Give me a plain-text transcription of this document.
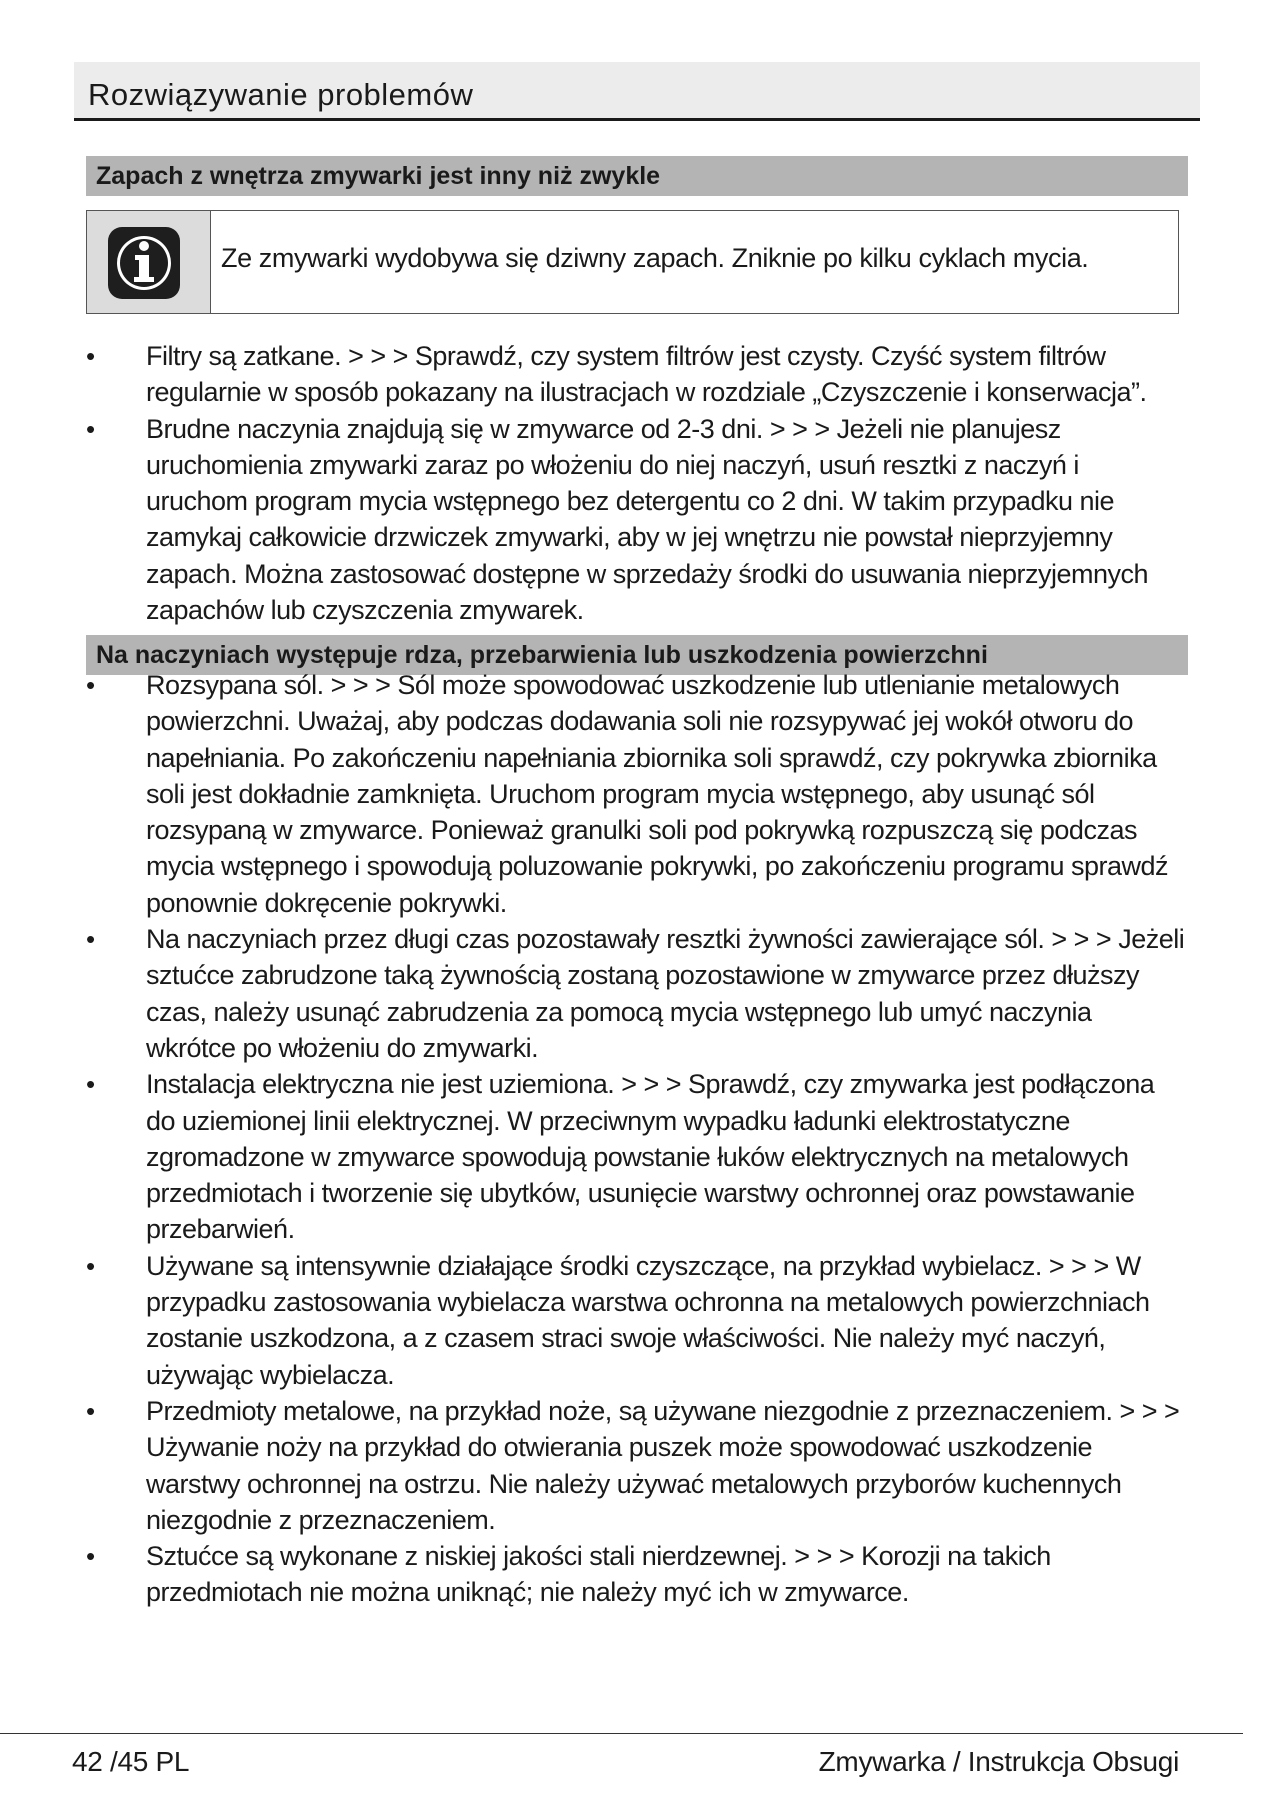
Rozwiązywanie problemów
Zapach z wnętrza zmywarki jest inny niż zwykle
Ze zmywarki wydobywa się dziwny zapach. Zniknie po kilku cyklach mycia.
•	Filtry są zatkane. > > > Sprawdź, czy system filtrów jest czysty. Czyść system filtrów regularnie w sposób pokazany na ilustracjach w rozdziale „Czyszczenie i konserwacja”.
•	Brudne naczynia znajdują się w zmywarce od 2-3 dni. > > > Jeżeli nie planujesz uruchomienia zmywarki zaraz po włożeniu do niej naczyń, usuń resztki z naczyń i uruchom program mycia wstępnego bez detergentu co 2 dni. W takim przypadku nie zamykaj całkowicie drzwiczek zmywarki, aby w jej wnętrzu nie powstał nieprzyjemny zapach. Można zastosować dostępne w sprzedaży środki do usuwania nieprzyjemnych zapachów lub czyszczenia zmywarek.
Na naczyniach występuje rdza, przebarwienia lub uszkodzenia powierzchni
•	Rozsypana sól. > > > Sól może spowodować uszkodzenie lub utlenianie metalowych powierzchni. Uważaj, aby podczas dodawania soli nie rozsypywać jej wokół otworu do napełniania. Po zakończeniu napełniania zbiornika soli sprawdź, czy pokrywka zbiornika soli jest dokładnie zamknięta. Uruchom program mycia wstępnego, aby usunąć sól rozsypaną w zmywarce. Ponieważ granulki soli pod pokrywką rozpuszczą się podczas mycia wstępnego i spowodują poluzowanie pokrywki, po zakończeniu programu sprawdź ponownie dokręcenie pokrywki.
•	Na naczyniach przez długi czas pozostawały resztki żywności zawierające sól. > > > Jeżeli sztućce zabrudzone taką żywnością zostaną pozostawione w zmywarce przez dłuższy czas, należy usunąć zabrudzenia za pomocą mycia wstępnego lub umyć naczynia wkrótce po włożeniu do zmywarki.
•	Instalacja elektryczna nie jest uziemiona. > > > Sprawdź, czy zmywarka jest podłączona do uziemionej linii elektrycznej. W przeciwnym wypadku ładunki elektrostatyczne zgromadzone w zmywarce spowodują powstanie łuków elektrycznych na metalowych przedmiotach i tworzenie się ubytków, usunięcie warstwy ochronnej oraz powstawanie przebarwień.
•	Używane są intensywnie działające środki czyszczące, na przykład wybielacz. > > > W przypadku zastosowania wybielacza warstwa ochronna na metalowych powierzchniach zostanie uszkodzona, a z czasem straci swoje właściwości. Nie należy myć naczyń, używając wybielacza.
•	Przedmioty metalowe, na przykład noże, są używane niezgodnie z przeznaczeniem. > > > Używanie noży na przykład do otwierania puszek może spowodować uszkodzenie warstwy ochronnej na ostrzu. Nie należy używać metalowych przyborów kuchennych niezgodnie z przeznaczeniem.
•	Sztućce są wykonane z niskiej jakości stali nierdzewnej. > > > Korozji na takich przedmiotach nie można uniknąć; nie należy myć ich w zmywarce.
42 /45 PL	Zmywarka / Instrukcja Obsugi
